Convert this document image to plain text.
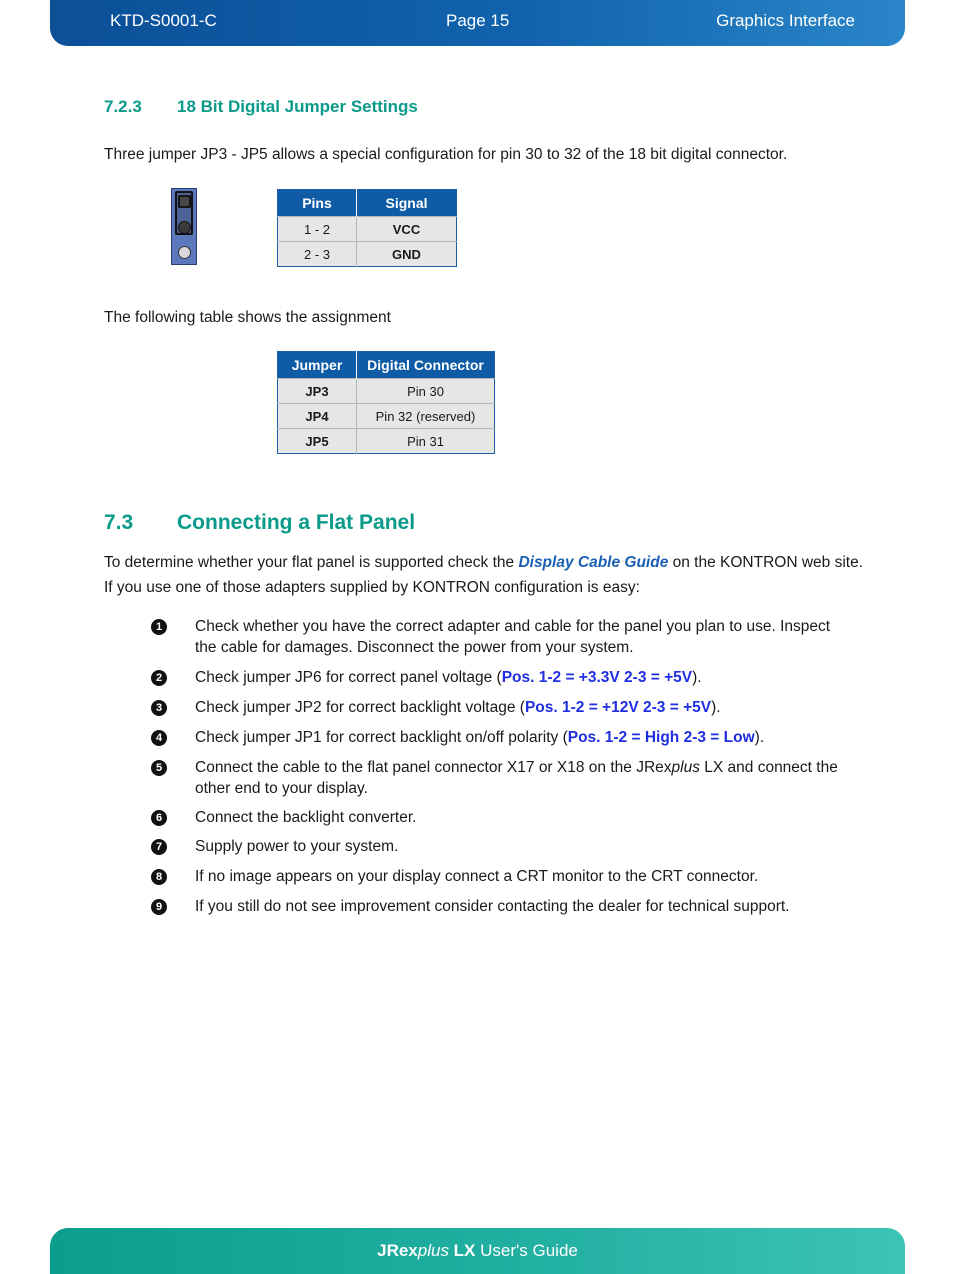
KTD-S0001-C	Page 15	Graphics Interface
7.2.3 18 Bit Digital Jumper Settings

Three jumper JP3 - JP5 allows a special configuration for pin 30 to 32 of the 18 bit digital connector.

Pins	Signal
1 - 2	VCC
2 - 3	GND

The following table shows the assignment

Jumper	Digital Connector
JP3	Pin 30
JP4	Pin 32 (reserved)
JP5	Pin 31
7.3 Connecting a Flat Panel

To determine whether your flat panel is supported check the Display Cable Guide on the KONTRON web site.

If you use one of those adapters supplied by KONTRON configuration is easy:

1	Check whether you have the correct adapter and cable for the panel you plan to use. Inspect the cable for damages. Disconnect the power from your system.
2	Check jumper JP6 for correct panel voltage (Pos. 1-2 = +3.3V 2-3 = +5V).
3	Check jumper JP2 for correct backlight voltage (Pos. 1-2 = +12V 2-3 = +5V).
4	Check jumper JP1 for correct backlight on/off polarity (Pos. 1-2 = High 2-3 = Low).
5	Connect the cable to the flat panel connector X17 or X18 on the JRexplus LX and connect the other end to your display.
6	Connect the backlight converter.
7	Supply power to your system.
8	If no image appears on your display connect a CRT monitor to the CRT connector.
9	If you still do not see improvement consider contacting the dealer for technical support.
JRexplus LX User's Guide
